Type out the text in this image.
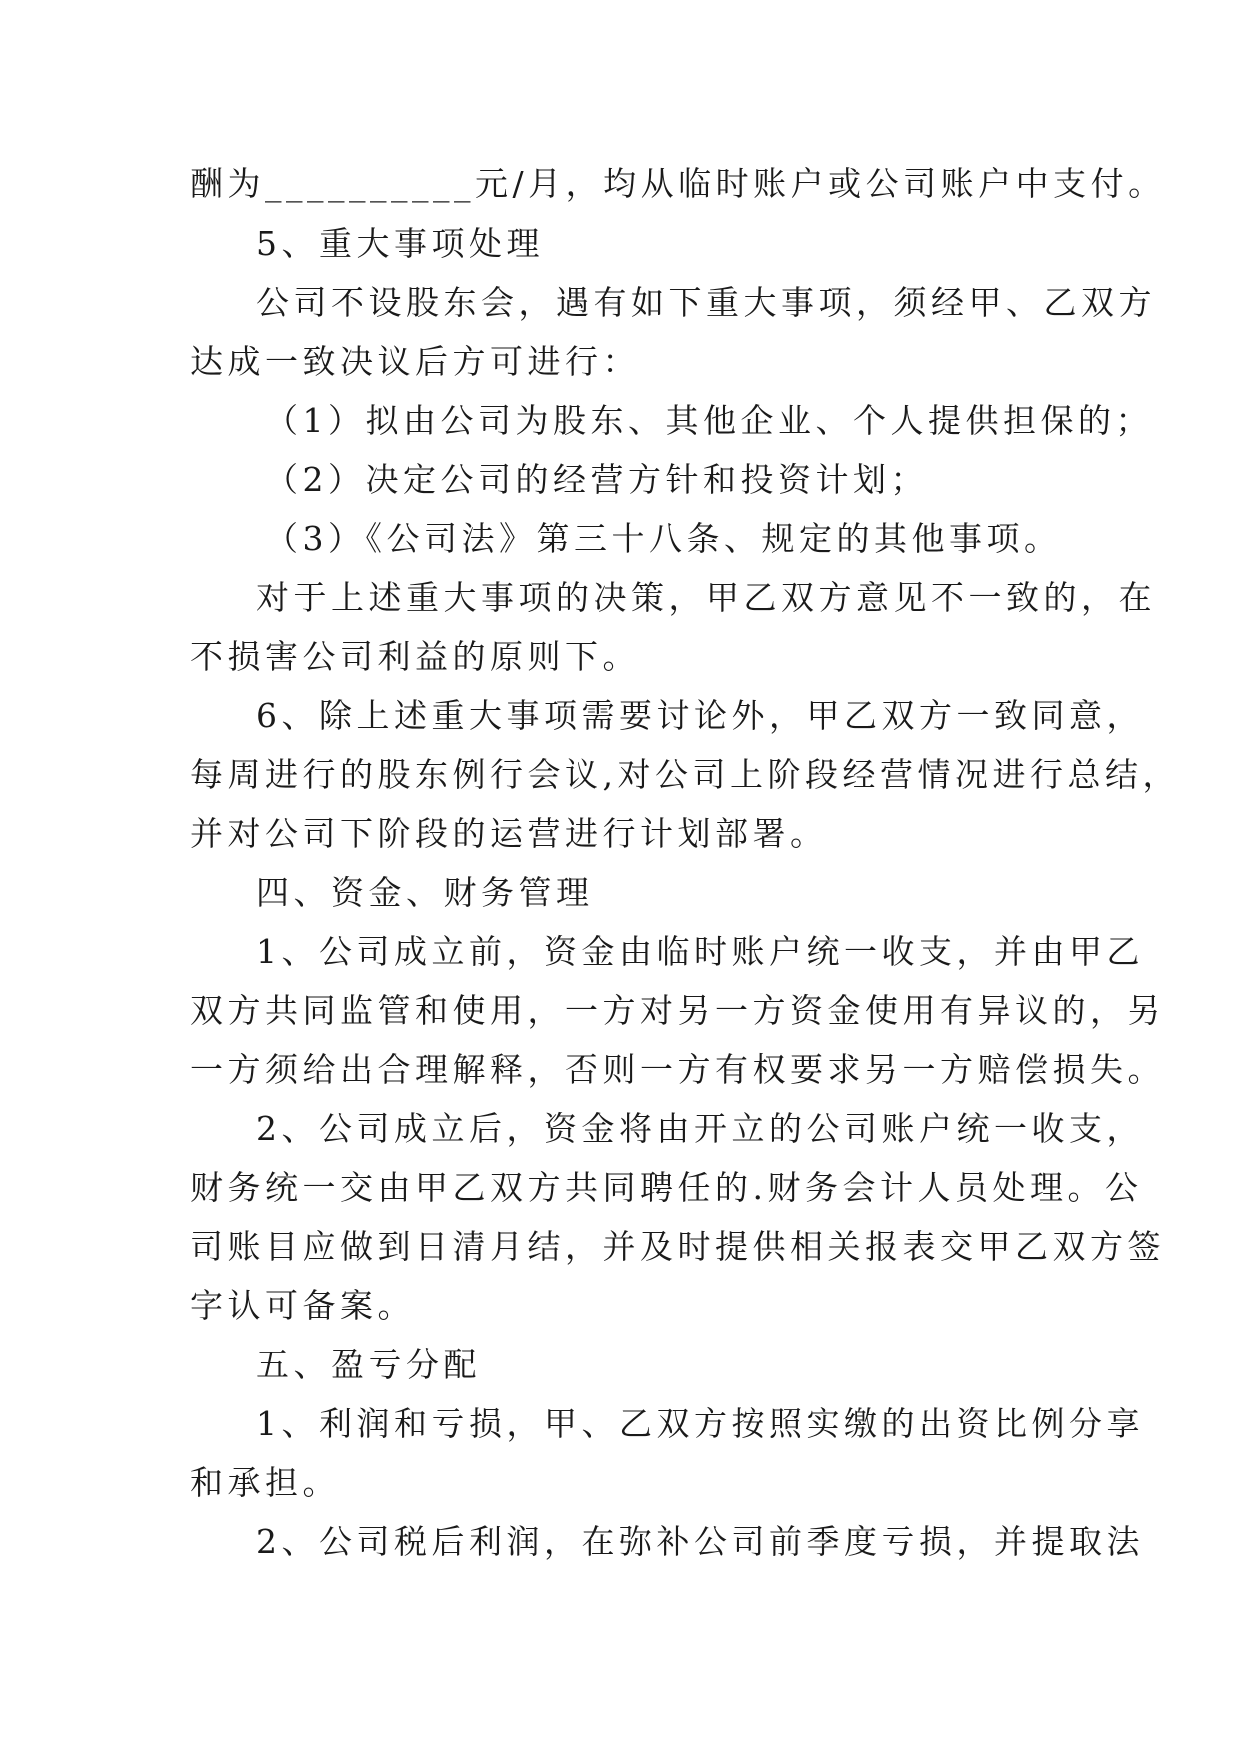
酬为__________元/月，均从临时账户或公司账户中支付。
5、重大事项处理
公司不设股东会，遇有如下重大事项，须经甲、乙双方
达成一致决议后方可进行：
（1）拟由公司为股东、其他企业、个人提供担保的；
（2）决定公司的经营方针和投资计划；
（3）《公司法》第三十八条、规定的其他事项。
对于上述重大事项的决策，甲乙双方意见不一致的，在
不损害公司利益的原则下。
6、除上述重大事项需要讨论外，甲乙双方一致同意，
每周进行的股东例行会议,对公司上阶段经营情况进行总结，
并对公司下阶段的运营进行计划部署。
四、资金、财务管理
1、公司成立前，资金由临时账户统一收支，并由甲乙
双方共同监管和使用，一方对另一方资金使用有异议的，另
一方须给出合理解释，否则一方有权要求另一方赔偿损失。
2、公司成立后，资金将由开立的公司账户统一收支，
财务统一交由甲乙双方共同聘任的.财务会计人员处理。公
司账目应做到日清月结，并及时提供相关报表交甲乙双方签
字认可备案。
五、盈亏分配
1、利润和亏损，甲、乙双方按照实缴的出资比例分享
和承担。
2、公司税后利润，在弥补公司前季度亏损，并提取法
